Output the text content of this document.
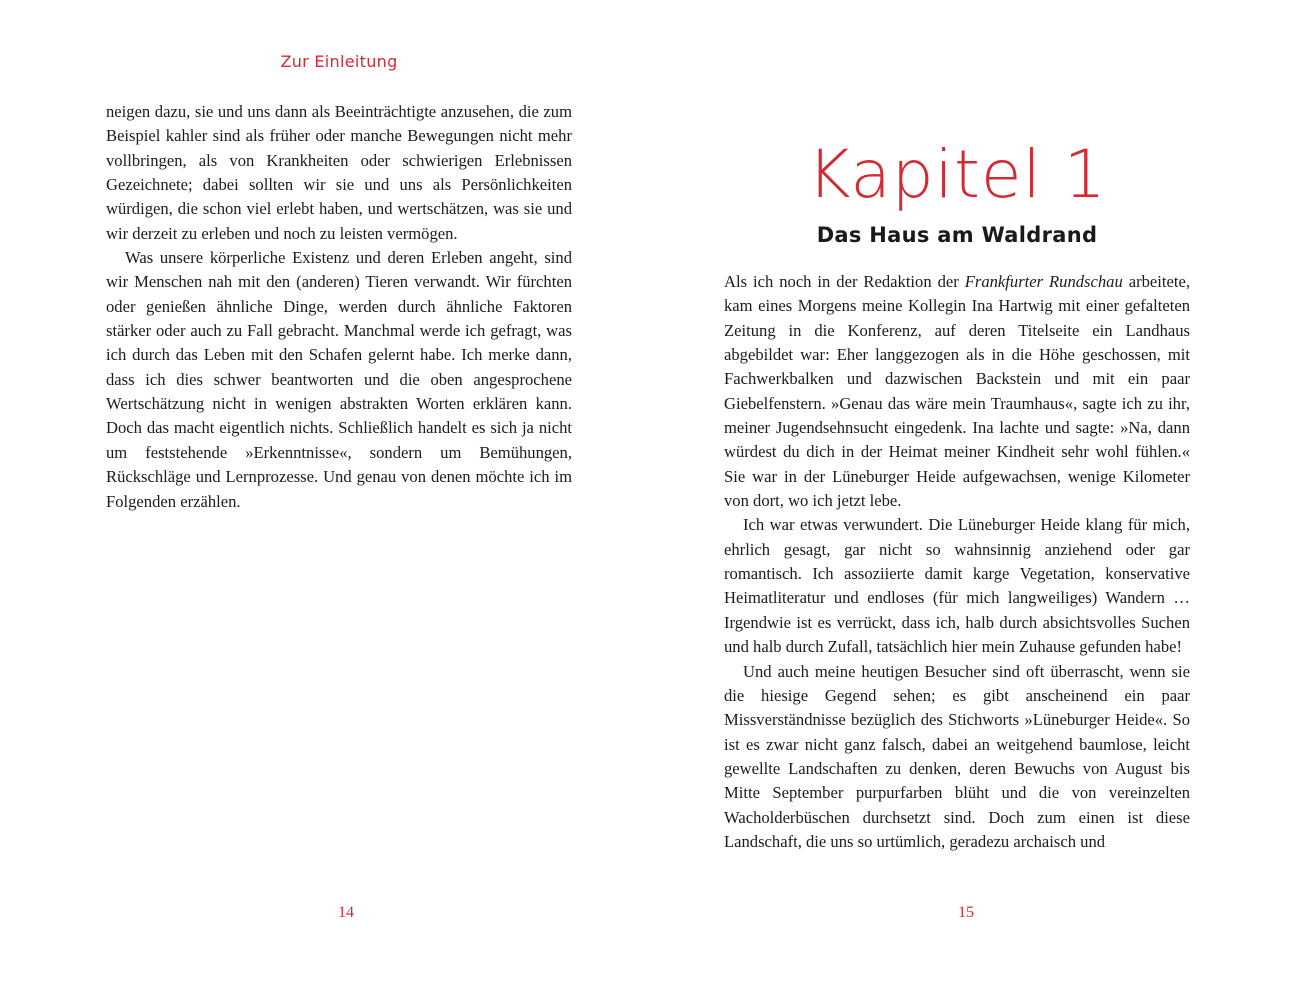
Zur Einleitung

neigen dazu, sie und uns dann als Beeinträchtigte anzusehen, die zum Beispiel kahler sind als früher oder manche Bewegungen nicht mehr vollbringen, als von Krankheiten oder schwierigen Erlebnissen Gezeichnete; dabei sollten wir sie und uns als Persönlichkeiten würdigen, die schon viel erlebt haben, und wertschätzen, was sie und wir derzeit zu erleben und noch zu leisten vermögen.

Was unsere körperliche Existenz und deren Erleben angeht, sind wir Menschen nah mit den (anderen) Tieren verwandt. Wir fürchten oder genießen ähnliche Dinge, werden durch ähnliche Faktoren stärker oder auch zu Fall gebracht. Manchmal werde ich gefragt, was ich durch das Leben mit den Schafen gelernt habe. Ich merke dann, dass ich dies schwer beantworten und die oben angesprochene Wertschätzung nicht in wenigen abstrakten Worten erklären kann. Doch das macht eigentlich nichts. Schließlich handelt es sich ja nicht um feststehende »Erkenntnisse«, sondern um Bemühungen, Rückschläge und Lernprozesse. Und genau von denen möchte ich im Folgenden erzählen.

14
Kapitel 1
Das Haus am Waldrand

Als ich noch in der Redaktion der Frankfurter Rundschau arbeitete, kam eines Morgens meine Kollegin Ina Hartwig mit einer gefalteten Zeitung in die Konferenz, auf deren Titelseite ein Landhaus abgebildet war: Eher langgezogen als in die Höhe geschossen, mit Fachwerkbalken und dazwischen Backstein und mit ein paar Giebelfenstern. »Genau das wäre mein Traumhaus«, sagte ich zu ihr, meiner Jugendsehnsucht eingedenk. Ina lachte und sagte: »Na, dann würdest du dich in der Heimat meiner Kindheit sehr wohl fühlen.« Sie war in der Lüneburger Heide aufgewachsen, wenige Kilometer von dort, wo ich jetzt lebe.

Ich war etwas verwundert. Die Lüneburger Heide klang für mich, ehrlich gesagt, gar nicht so wahnsinnig anziehend oder gar romantisch. Ich assoziierte damit karge Vegetation, konservative Heimatliteratur und endloses (für mich langweiliges) Wandern … Irgendwie ist es verrückt, dass ich, halb durch absichtsvolles Suchen und halb durch Zufall, tatsächlich hier mein Zuhause gefunden habe!

Und auch meine heutigen Besucher sind oft überrascht, wenn sie die hiesige Gegend sehen; es gibt anscheinend ein paar Missverständnisse bezüglich des Stichworts »Lüneburger Heide«. So ist es zwar nicht ganz falsch, dabei an weitgehend baumlose, leicht gewellte Landschaften zu denken, deren Bewuchs von August bis Mitte September purpurfarben blüht und die von vereinzelten Wacholderbüschen durchsetzt sind. Doch zum einen ist diese Landschaft, die uns so urtümlich, geradezu archaisch und

15
